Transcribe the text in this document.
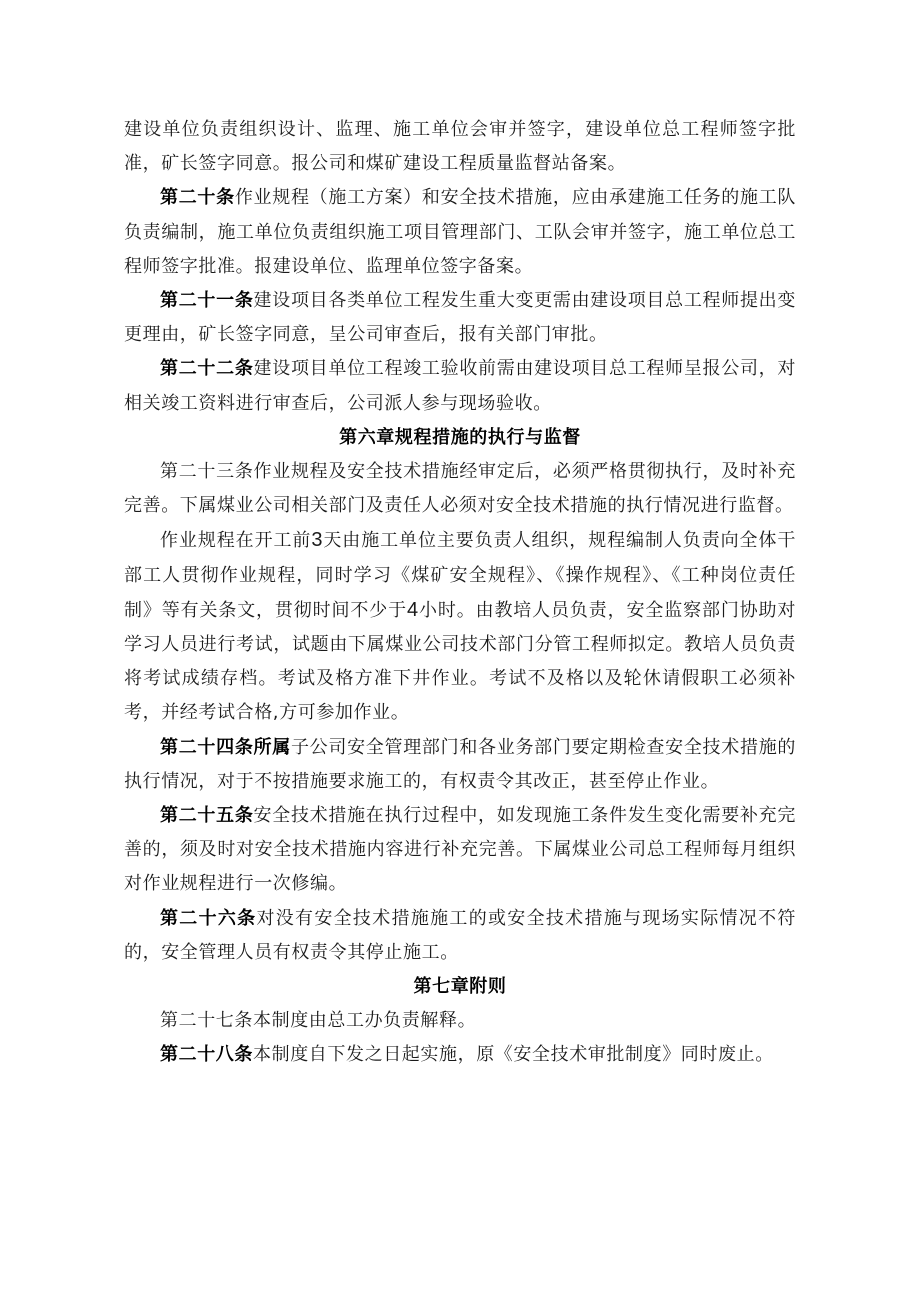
建设单位负责组织设计、监理、施工单位会审并签字，建设单位总工程师签字批准，矿长签字同意。报公司和煤矿建设工程质量监督站备案。

第二十条作业规程（施工方案）和安全技术措施，应由承建施工任务的施工队负责编制，施工单位负责组织施工项目管理部门、工队会审并签字，施工单位总工程师签字批准。报建设单位、监理单位签字备案。

第二十一条建设项目各类单位工程发生重大变更需由建设项目总工程师提出变更理由，矿长签字同意，呈公司审查后，报有关部门审批。

第二十二条建设项目单位工程竣工验收前需由建设项目总工程师呈报公司，对相关竣工资料进行审查后，公司派人参与现场验收。

第六章规程措施的执行与监督

第二十三条作业规程及安全技术措施经审定后，必须严格贯彻执行，及时补充完善。下属煤业公司相关部门及责任人必须对安全技术措施的执行情况进行监督。

作业规程在开工前3天由施工单位主要负责人组织，规程编制人负责向全体干部工人贯彻作业规程，同时学习《煤矿安全规程》、《操作规程》、《工种岗位责任制》等有关条文，贯彻时间不少于4小时。由教培人员负责，安全监察部门协助对学习人员进行考试，试题由下属煤业公司技术部门分管工程师拟定。教培人员负责将考试成绩存档。考试及格方准下井作业。考试不及格以及轮休请假职工必须补考，并经考试合格,方可参加作业。

第二十四条所属子公司安全管理部门和各业务部门要定期检查安全技术措施的执行情况，对于不按措施要求施工的，有权责令其改正，甚至停止作业。

第二十五条安全技术措施在执行过程中，如发现施工条件发生变化需要补充完善的，须及时对安全技术措施内容进行补充完善。下属煤业公司总工程师每月组织对作业规程进行一次修编。

第二十六条对没有安全技术措施施工的或安全技术措施与现场实际情况不符的，安全管理人员有权责令其停止施工。

第七章附则

第二十七条本制度由总工办负责解释。

第二十八条本制度自下发之日起实施，原《安全技术审批制度》同时废止。
